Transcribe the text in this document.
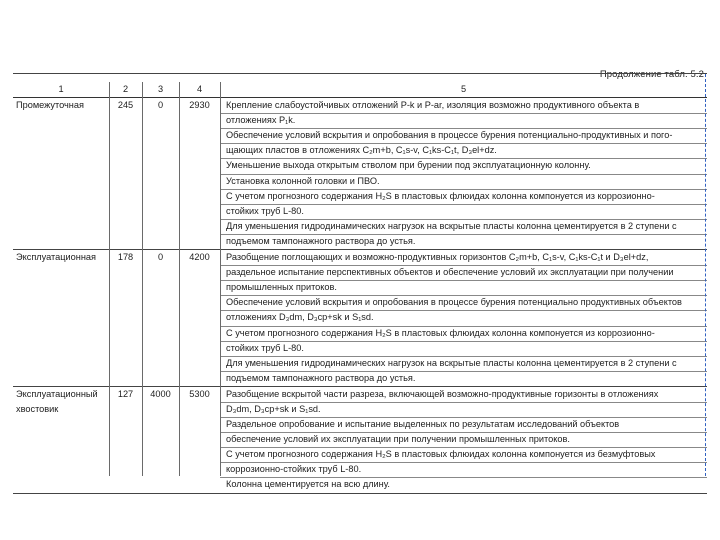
Продолжение табл. 5.2
1	2	3	4	5
Промежуточная	245	0	2930	Крепление слабоустойчивых отложений P-k и P-ar, изоляция возможно продуктивного объекта в
отложениях P₁k.
Обеспечение условий вскрытия и опробования в процессе бурения потенциально-продуктивных и пого-
щающих пластов в отложениях C₂m+b, C₁s-v, C₁ks-C₁t, D₃el+dz.
Уменьшение выхода открытым стволом при бурении под эксплуатационную колонну.
Установка колонной головки и ПВО.
С учетом прогнозного содержания H₂S в пластовых флюидах колонна компонуется из коррозионно-
стойких труб L-80.
Для уменьшения гидродинамических нагрузок на вскрытые пласты колонна цементируется в 2 ступени с
подъемом тампонажного раствора до устья.
Эксплуатационная	178	0	4200	Разобщение поглощающих и возможно-продуктивных горизонтов C₂m+b, C₁s-v, C₁ks-C₁t и D₃el+dz,
раздельное испытание перспективных объектов и обеспечение условий их эксплуатации при получении
промышленных притоков.
Обеспечение условий вскрытия и опробования в процессе бурения потенциально продуктивных объектов
отложениях D₃dm, D₃cp+sk и S₁sd.
С учетом прогнозного содержания H₂S в пластовых флюидах колонна компонуется из коррозионно-
стойких труб L-80.
Для уменьшения гидродинамических нагрузок на вскрытые пласты колонна цементируется в 2 ступени с
подъемом тампонажного раствора до устья.
Эксплуатационный	127	4000	5300	Разобщение вскрытой части разреза, включающей возможно-продуктивные горизонты в отложениях
хвостовик	D₃dm, D₃cp+sk и S₁sd.
Раздельное опробование и испытание выделенных по результатам исследований объектов
обеспечение условий их эксплуатации при получении промышленных притоков.
С учетом прогнозного содержания H₂S в пластовых флюидах колонна компонуется из безмуфтовых
коррозионно-стойких труб L-80.
Колонна цементируется на всю длину.
